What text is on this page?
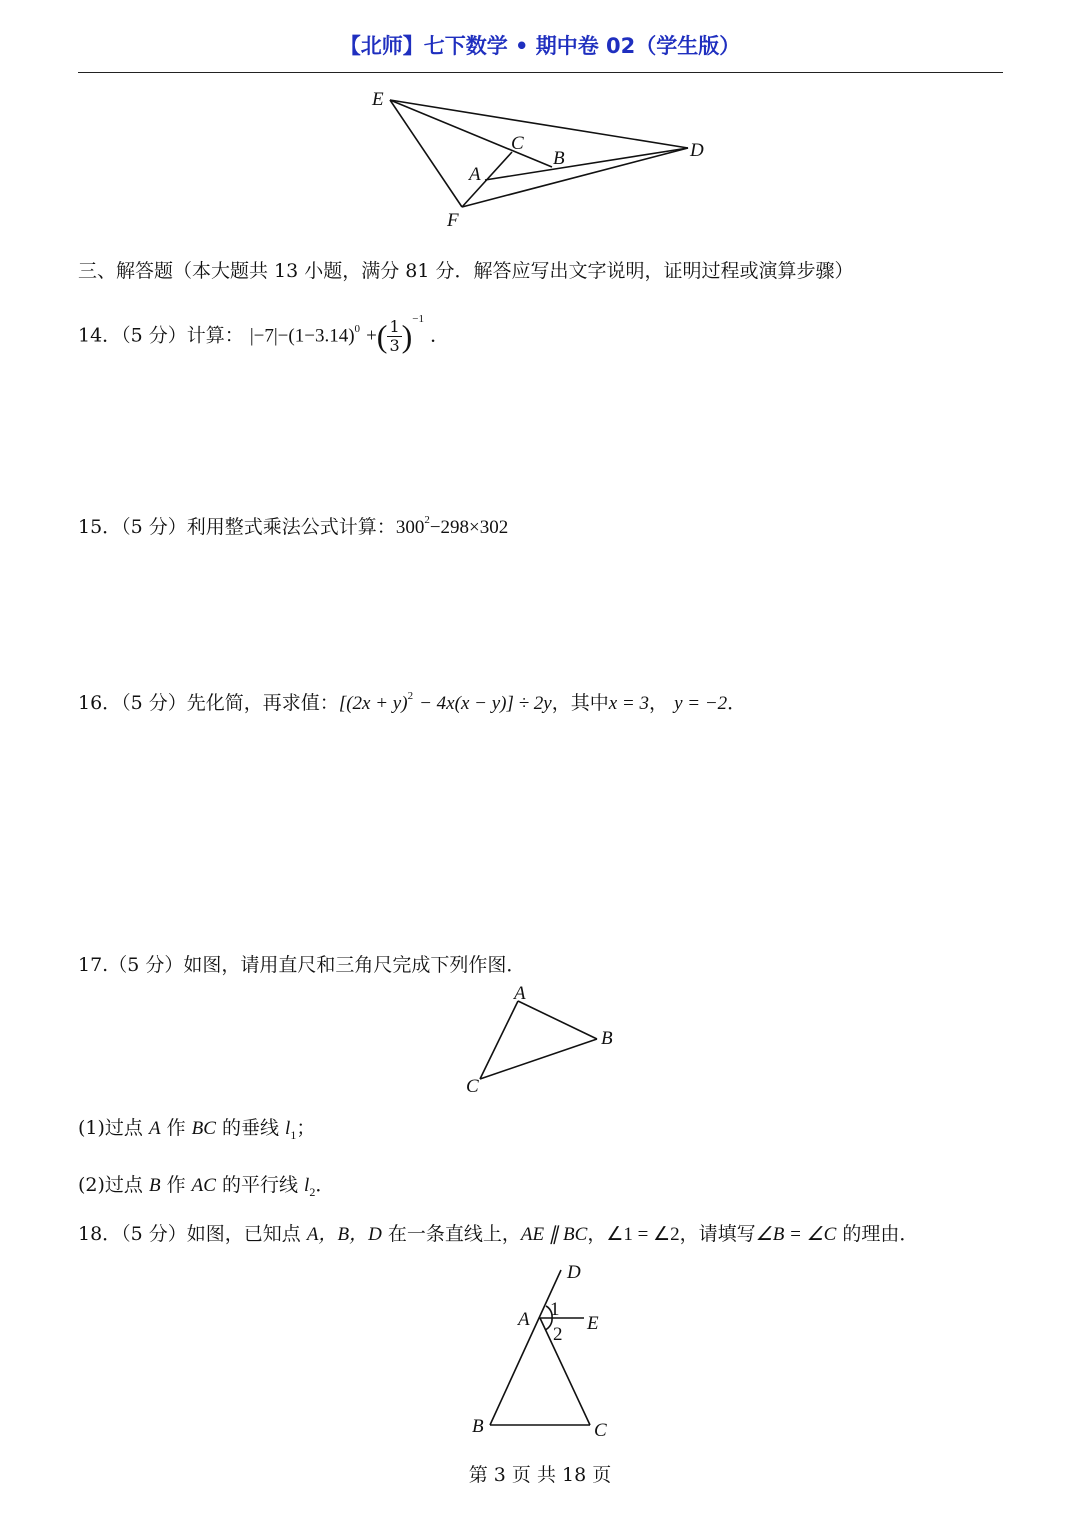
【北师】七下数学 • 期中卷 02（学生版）
E
C
B
A
D
F
三、解答题（本大题共 13 小题，满分 81 分．解答应写出文字说明，证明过程或演算步骤）
14．（5 分）计算： $|-7|-(1-3.14)^0$ +( $\frac{1}{3} )^{-1}$ ．
15．（5 分）利用整式乘法公式计算：$300^2-298\times 302$
16．（5 分）先化简，再求值：$[(2x + y)^2 - 4x(x - y)] \div 2y$，其中x = 3， y = −2．
17.（5 分）如图，请用直尺和三角尺完成下列作图．
A
B
C
(1)过点 A 作 BC 的垂线 $l_1$；
(2)过点 B 作 AC 的平行线 $l_2$．
18．（5 分）如图，已知点 A，B，D 在一条直线上，AE ∥ BC，∠1 = ∠2，请填写∠B = ∠C 的理由．
D
A	E
B	C
1
2
第 3 页 共 18 页
